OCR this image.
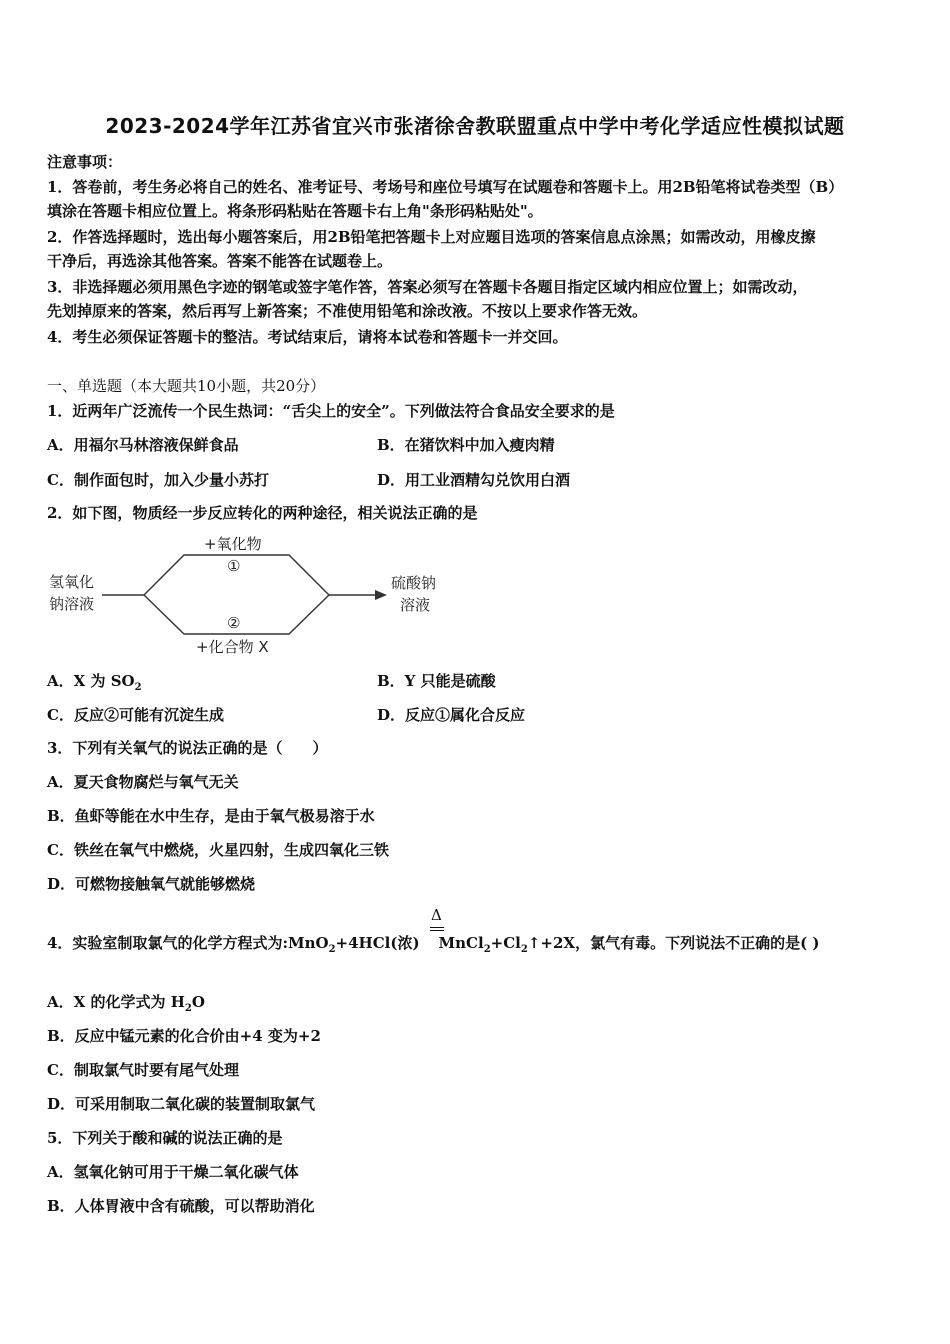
2023-2024学年江苏省宜兴市张渚徐舍教联盟重点中学中考化学适应性模拟试题
注意事项：
1．答卷前，考生务必将自己的姓名、准考证号、考场号和座位号填写在试题卷和答题卡上。用2B铅笔将试卷类型（B）
填涂在答题卡相应位置上。将条形码粘贴在答题卡右上角"条形码粘贴处"。
2．作答选择题时，选出每小题答案后，用2B铅笔把答题卡上对应题目选项的答案信息点涂黑；如需改动，用橡皮擦
干净后，再选涂其他答案。答案不能答在试题卷上。
3．非选择题必须用黑色字迹的钢笔或签字笔作答，答案必须写在答题卡各题目指定区域内相应位置上；如需改动，
先划掉原来的答案，然后再写上新答案；不准使用铅笔和涂改液。不按以上要求作答无效。
4．考生必须保证答题卡的整洁。考试结束后，请将本试卷和答题卡一并交回。
一、单选题（本大题共10小题，共20分）
1．近两年广泛流传一个民生热词：“舌尖上的安全”。下列做法符合食品安全要求的是
A．用福尔马林溶液保鲜食品	B．在猪饮料中加入瘦肉精
C．制作面包时，加入少量小苏打	D．用工业酒精勾兑饮用白酒
2．如下图，物质经一步反应转化的两种途径，相关说法正确的是
氢氧化
钠溶液
+氧化物
①
②
+化合物 X
硫酸钠
溶液
A．X 为 $SO_2$	B．Y 只能是硫酸
C．反应②可能有沉淀生成	D．反应①属化合反应
3．下列有关氧气的说法正确的是（　　）
A．夏天食物腐烂与氧气无关
B．鱼虾等能在水中生存，是由于氧气极易溶于水
C．铁丝在氧气中燃烧，火星四射，生成四氧化三铁
D．可燃物接触氧气就能够燃烧
Δ
4．实验室制取氯气的化学方程式为:MnO$_2$+4HCl(浓) $MnCl_2+Cl_2↑+2X$，氯气有毒。下列说法不正确的是( )
A．X 的化学式为 $H_2O$
B．反应中锰元素的化合价由+4 变为+2
C．制取氯气时要有尾气处理
D．可采用制取二氧化碳的装置制取氯气
5．下列关于酸和碱的说法正确的是
A．氢氧化钠可用于干燥二氧化碳气体
B．人体胃液中含有硫酸，可以帮助消化
